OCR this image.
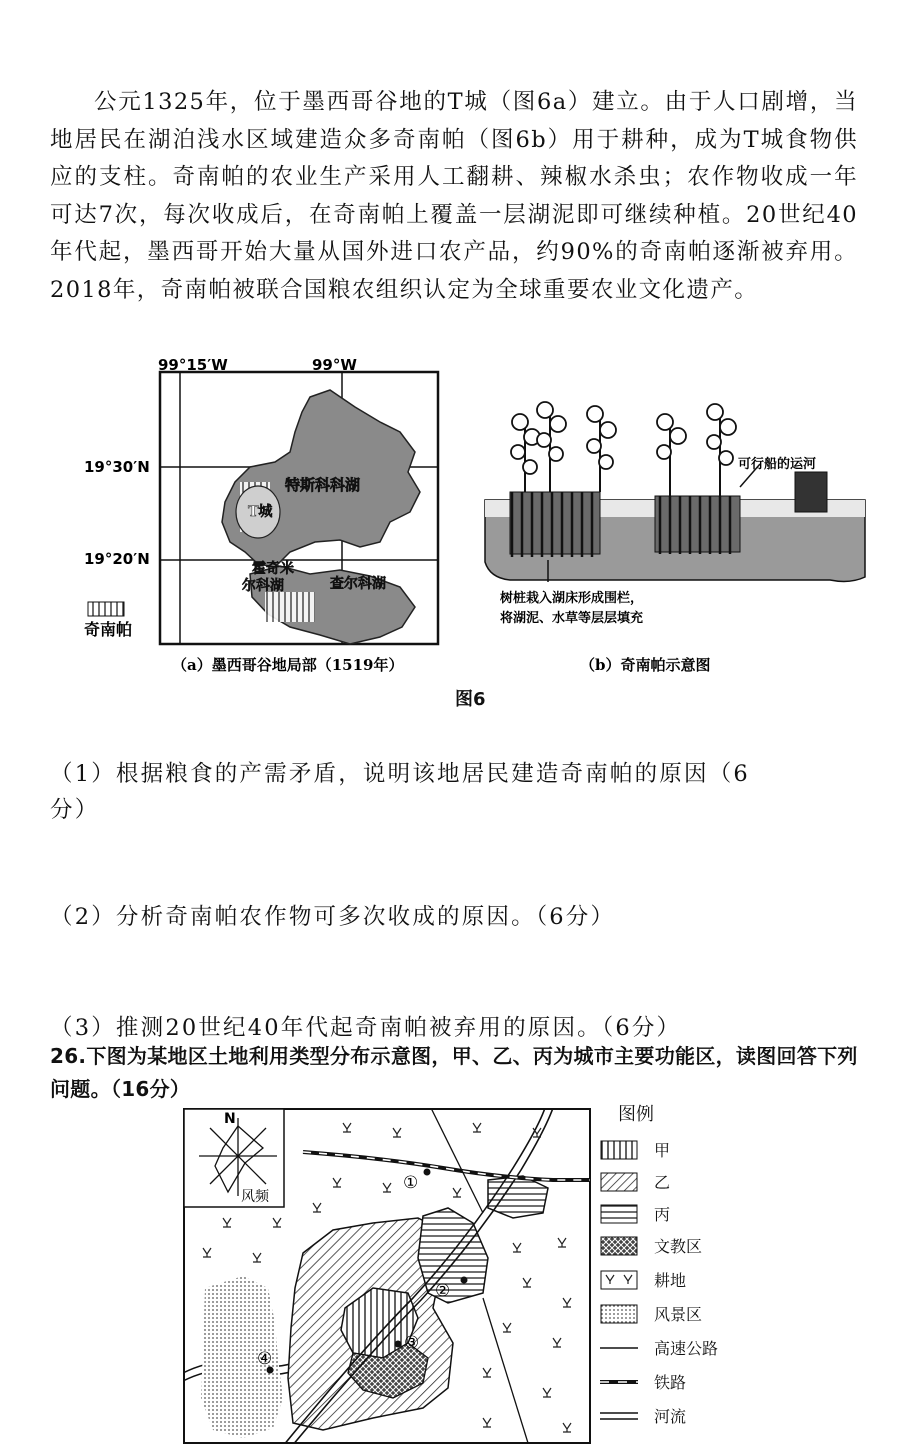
公元1325年，位于墨西哥谷地的T城（图6a）建立。由于人口剧增，当地居民在湖泊浅水区域建造众多奇南帕（图6b）用于耕种，成为T城食物供应的支柱。奇南帕的农业生产采用人工翻耕、辣椒水杀虫；农作物收成一年可达7次，每次收成后，在奇南帕上覆盖一层湖泥即可继续种植。20世纪40年代起，墨西哥开始大量从国外进口农产品，约90%的奇南帕逐渐被弃用。2018年，奇南帕被联合国粮农组织认定为全球重要农业文化遗产。

99°15′W	99°W
19°30′N
19°20′N
特斯科科湖
T城
霍奇米
尔科湖	查尔科湖
奇南帕
（a）墨西哥谷地局部（1519年）
可行船的运河
树桩栽入湖床形成围栏，
将湖泥、水草等层层填充
（b）奇南帕示意图
图6

（1）根据粮食的产需矛盾，说明该地居民建造奇南帕的原因（6

分）

（2）分析奇南帕农作物可多次收成的原因。（6分）

（3）推测20世纪40年代起奇南帕被弃用的原因。（6分）

26.下图为某地区土地利用类型分布示意图，甲、乙、丙为城市主要功能区，读图回答下列问题。（16分）

N
风频
①
②
③
④
图例
甲
乙
丙
文教区
耕地
风景区
高速公路
铁路
河流
